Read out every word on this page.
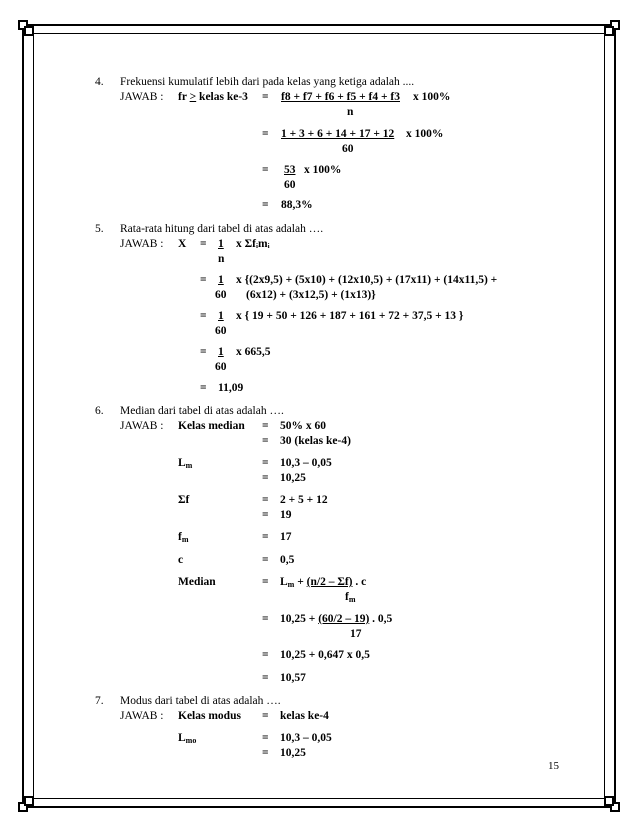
4. Frekuensi kumulatif lebih dari pada kelas yang ketiga adalah ....
JAWAB : fr > kelas ke-3 = f8 + f7 + f6 + f5 + f4 + f3 x 100%
n
= 1 + 3 + 6 + 14 + 17 + 12 x 100%
60
= 53 x 100%
60
= 88,3%
5. Rata-rata hitung dari tabel di atas adalah ….
JAWAB : X = 1 x Σfᵢmᵢ
n
= 1 x {(2x9,5) + (5x10) + (12x10,5) + (17x11) + (14x11,5) +
60 (6x12) + (3x12,5) + (1x13)}
= 1 x { 19 + 50 + 126 + 187 + 161 + 72 + 37,5 + 13 }
60
= 1 x 665,5
60
= 11,09
6. Median dari tabel di atas adalah ….
JAWAB : Kelas median = 50% x 60
= 30 (kelas ke-4)
$L_m$	= 10,3 – 0,05
= 10,25
Σf	= 2 + 5 + 12
= 19
$f_m$	= 17
c	= 0,5
Median	= $L_m + (n/2 - \Sigma f)$ . c
$f_m$
= 10,25 + (60/2 – 19) . 0,5
17
= 10,25 + 0,647 x 0,5
= 10,57
7. Modus dari tabel di atas adalah ….
JAWAB : Kelas modus = kelas ke-4
$L_{mo}$	= 10,3 – 0,05
= 10,25
15
